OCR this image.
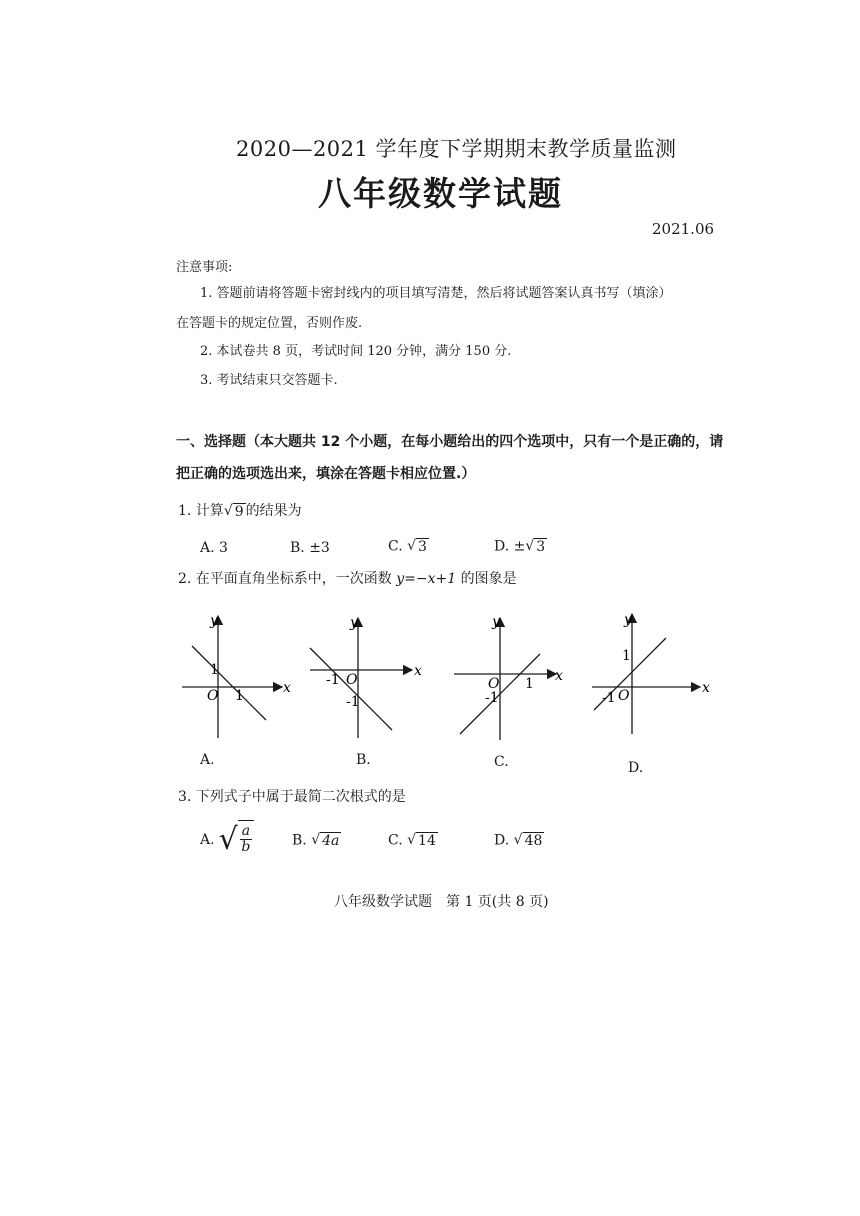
2020—2021 学年度下学期期末教学质量监测
八年级数学试题
2021.06
注意事项:
1. 答题前请将答题卡密封线内的项目填写清楚，然后将试题答案认真书写（填涂）
在答题卡的规定位置，否则作废.
2. 本试卷共 8 页，考试时间 120 分钟，满分 150 分.
3. 考试结束只交答题卡.
一、选择题（本大题共 12 个小题，在每小题给出的四个选项中，只有一个是正确的，请
把正确的选项选出来，填涂在答题卡相应位置.）
1. 计算 √ 9 的结果为
A. 3	B. ±3	C. √ 3	D. ± √ 3
2. 在平面直角坐标系中，一次函数 y=−x+1 的图象是
x
y
O
1
1
x
y
O
-1
-1
x
y
O
-1
1	x
y
O
1
-1
A.	B.	C.	D.
3. 下列式子中属于最简二次根式的是
A. √ $\frac{a}{b}$	B. √ 4a	C. √ 14	D. √ 48
八年级数学试题　第 1 页(共 8 页)
